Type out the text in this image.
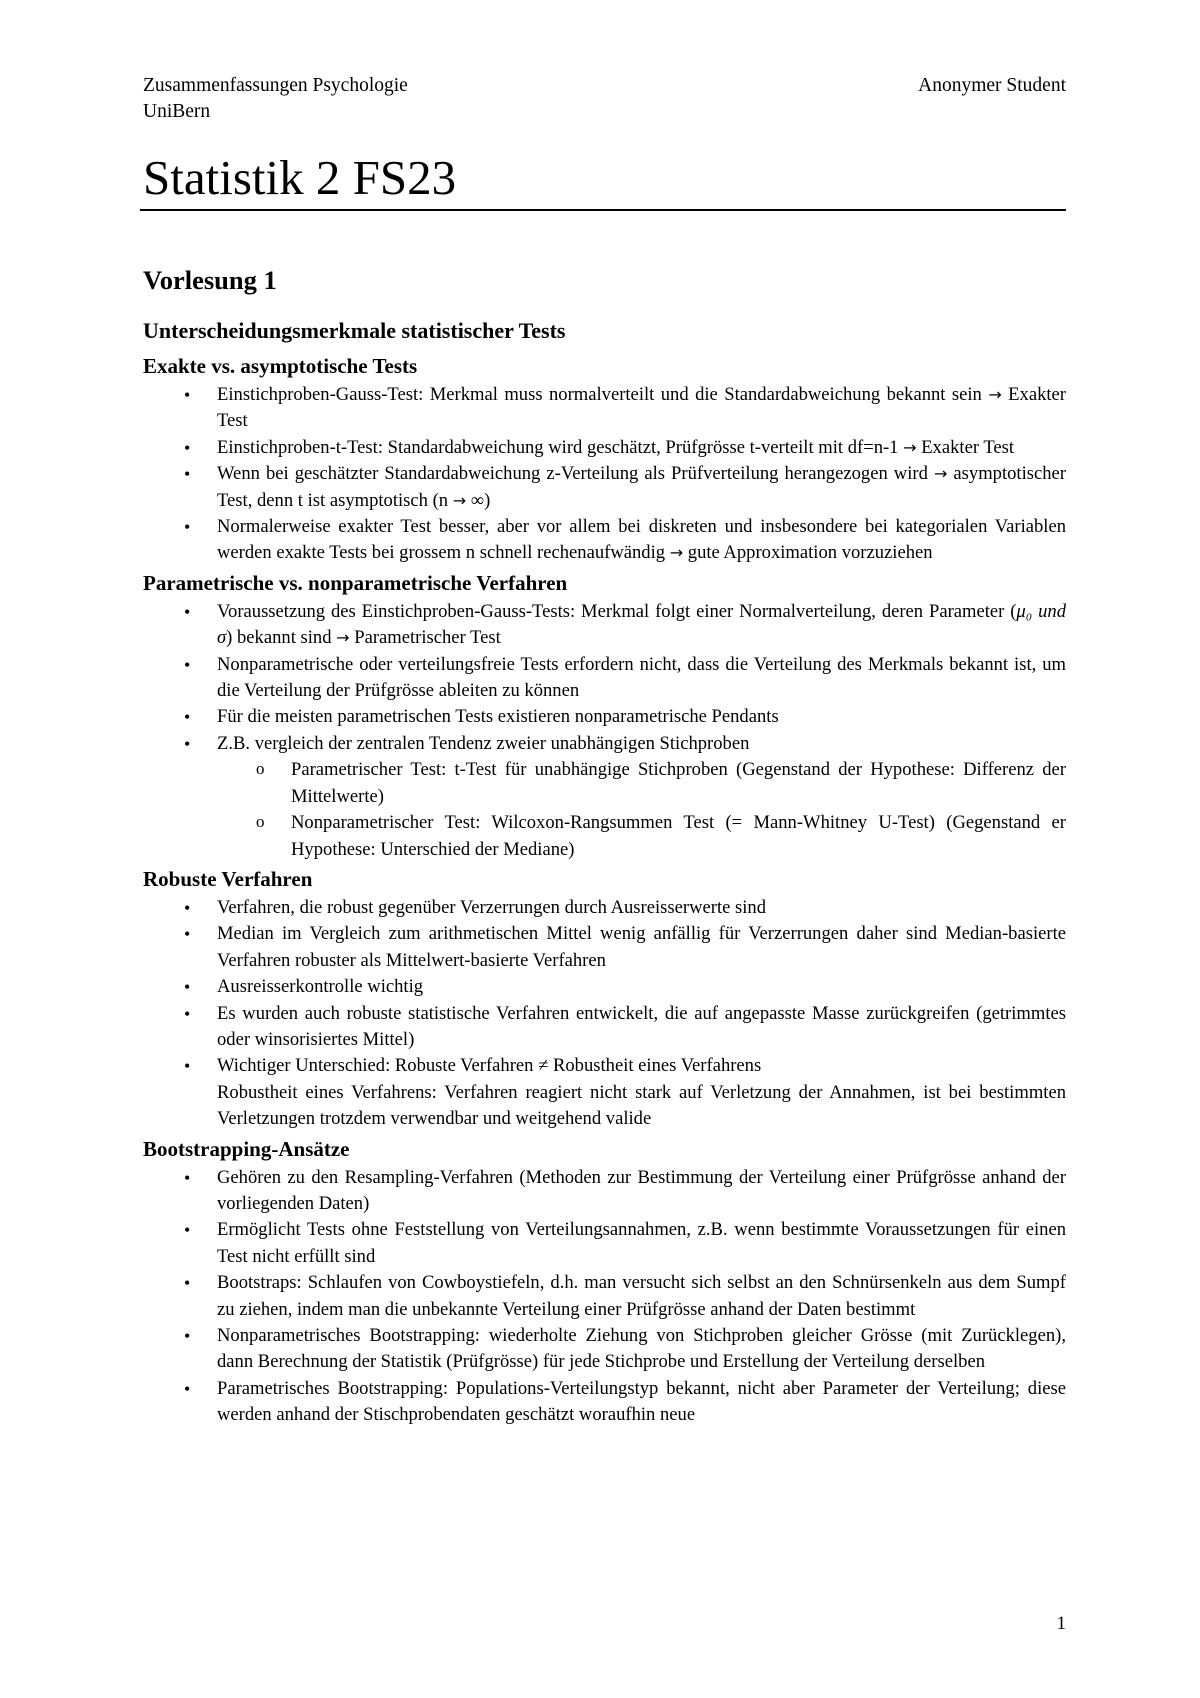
Zusammenfassungen Psychologie
UniBern
Anonymer Student
Statistik 2 FS23
Vorlesung 1
Unterscheidungsmerkmale statistischer Tests
Exakte vs. asymptotische Tests
• Einstichproben-Gauss-Test: Merkmal muss normalverteilt und die Standardabweichung bekannt sein → Exakter Test
• Einstichproben-t-Test: Standardabweichung wird geschätzt, Prüfgrösse t-verteilt mit df=n-1 → Exakter Test
• Wenn bei geschätzter Standardabweichung z-Verteilung als Prüfverteilung herangezogen wird → asymptotischer Test, denn t ist asymptotisch (n → ∞)
• Normalerweise exakter Test besser, aber vor allem bei diskreten und insbesondere bei kategorialen Variablen werden exakte Tests bei grossem n schnell rechenaufwändig → gute Approximation vorzuziehen
Parametrische vs. nonparametrische Verfahren
• Voraussetzung des Einstichproben-Gauss-Tests: Merkmal folgt einer Normalverteilung, deren Parameter (μ₀ und σ) bekannt sind → Parametrischer Test
• Nonparametrische oder verteilungsfreie Tests erfordern nicht, dass die Verteilung des Merkmals bekannt ist, um die Verteilung der Prüfgrösse ableiten zu können
• Für die meisten parametrischen Tests existieren nonparametrische Pendants
• Z.B. vergleich der zentralen Tendenz zweier unabhängigen Stichproben
o Parametrischer Test: t-Test für unabhängige Stichproben (Gegenstand der Hypothese: Differenz der Mittelwerte)
o Nonparametrischer Test: Wilcoxon-Rangsummen Test (= Mann-Whitney U-Test) (Gegenstand er Hypothese: Unterschied der Mediane)
Robuste Verfahren
• Verfahren, die robust gegenüber Verzerrungen durch Ausreisserwerte sind
• Median im Vergleich zum arithmetischen Mittel wenig anfällig für Verzerrungen daher sind Median-basierte Verfahren robuster als Mittelwert-basierte Verfahren
• Ausreisserkontrolle wichtig
• Es wurden auch robuste statistische Verfahren entwickelt, die auf angepasste Masse zurückgreifen (getrimmtes oder winsorisiertes Mittel)
• Wichtiger Unterschied: Robuste Verfahren ≠ Robustheit eines Verfahrens
Robustheit eines Verfahrens: Verfahren reagiert nicht stark auf Verletzung der Annahmen, ist bei bestimmten Verletzungen trotzdem verwendbar und weitgehend valide
Bootstrapping-Ansätze
• Gehören zu den Resampling-Verfahren (Methoden zur Bestimmung der Verteilung einer Prüfgrösse anhand der vorliegenden Daten)
• Ermöglicht Tests ohne Feststellung von Verteilungsannahmen, z.B. wenn bestimmte Voraussetzungen für einen Test nicht erfüllt sind
• Bootstraps: Schlaufen von Cowboystiefeln, d.h. man versucht sich selbst an den Schnürsenkeln aus dem Sumpf zu ziehen, indem man die unbekannte Verteilung einer Prüfgrösse anhand der Daten bestimmt
• Nonparametrisches Bootstrapping: wiederholte Ziehung von Stichproben gleicher Grösse (mit Zurücklegen), dann Berechnung der Statistik (Prüfgrösse) für jede Stichprobe und Erstellung der Verteilung derselben
• Parametrisches Bootstrapping: Populations-Verteilungstyp bekannt, nicht aber Parameter der Verteilung; diese werden anhand der Stischprobendaten geschätzt woraufhin neue
1
